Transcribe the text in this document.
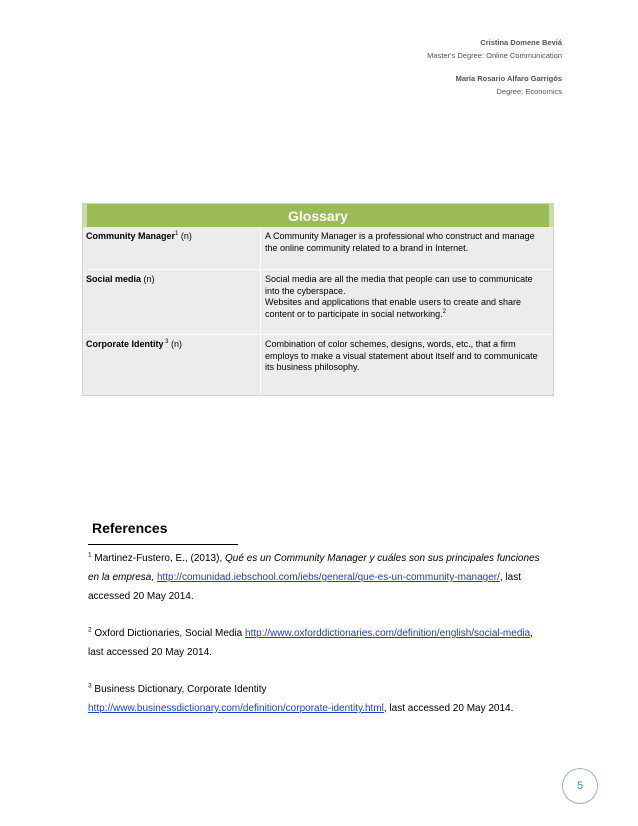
Cristina Domene Beviá
Master's Degree: Online Communication
María Rosario Alfaro Garrigós
Degree: Economics
Glossary
Community Manager$^1$ (n)	A Community Manager is a professional who construct and manage the online community related to a brand in Internet.
Social media (n)	Social media are all the media that people can use to communicate into the cyberspace.
Websites and applications that enable users to create and share content or to participate in social networking.$^2$
Corporate Identity $^3$ (n)	Combination of color schemes, designs, words, etc., that a firm employs to make a visual statement about itself and to communicate its business philosophy.
References
$^1$ Martinez-Fustero, E., (2013), Qué es un Community Manager y cuáles son sus principales funciones en la empresa, http://comunidad.iebschool.com/iebs/general/que-es-un-community-manager/, last accessed 20 May 2014.
$^2$ Oxford Dictionaries, Social Media http://www.oxforddictionaries.com/definition/english/social-media, last accessed 20 May 2014.
$^3$ Business Dictionary, Corporate Identity
http://www.businessdictionary.com/definition/corporate-identity.html, last accessed 20 May 2014.
5
